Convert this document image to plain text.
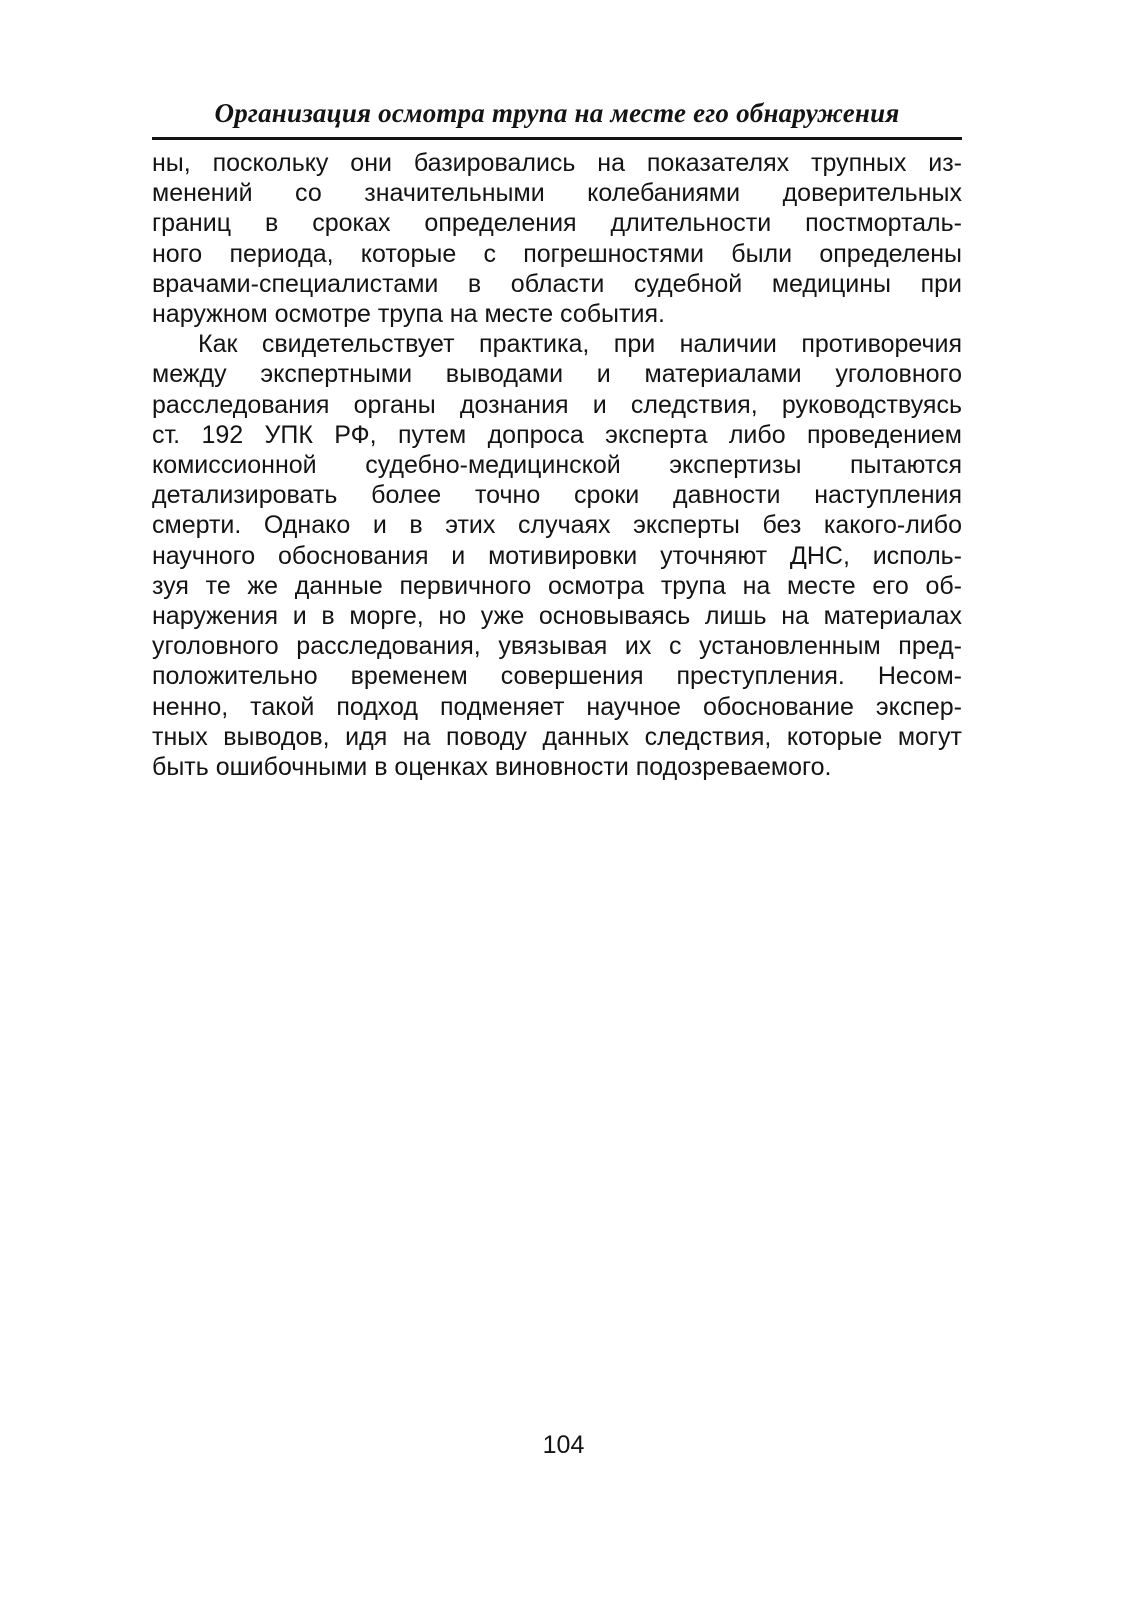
Организация осмотра трупа на месте его обнаружения
ны, поскольку они базировались на показателях трупных из-
менений со значительными колебаниями доверительных
границ в сроках определения длительности постморталь-
ного периода, которые с погрешностями были определены
врачами-специалистами в области судебной медицины при
наружном осмотре трупа на месте события.
Как свидетельствует практика, при наличии противоречия
между экспертными выводами и материалами уголовного
расследования органы дознания и следствия, руководствуясь
ст. 192 УПК РФ, путем допроса эксперта либо проведением
комиссионной судебно-медицинской экспертизы пытаются
детализировать более точно сроки давности наступления
смерти. Однако и в этих случаях эксперты без какого-либо
научного обоснования и мотивировки уточняют ДНС, исполь-
зуя те же данные первичного осмотра трупа на месте его об-
наружения и в морге, но уже основываясь лишь на материалах
уголовного расследования, увязывая их с установленным пред-
положительно временем совершения преступления. Несом-
ненно, такой подход подменяет научное обоснование экспер-
тных выводов, идя на поводу данных следствия, которые могут
быть ошибочными в оценках виновности подозреваемого.
104
